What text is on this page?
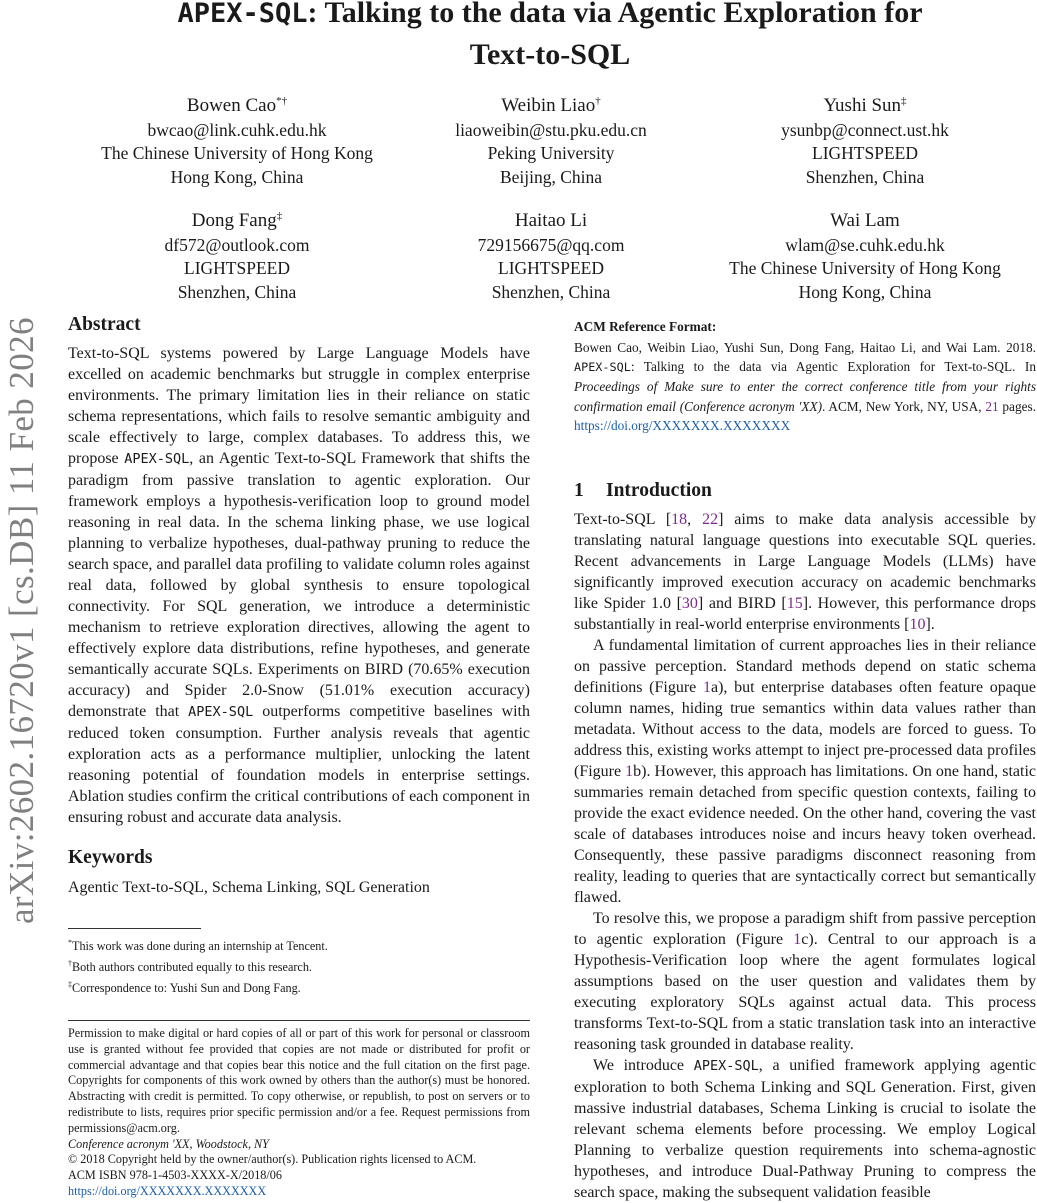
APEX-SQL: Talking to the data via Agentic Exploration for
Text-to-SQL
Bowen Cao*†
bwcao@link.cuhk.edu.hk
The Chinese University of Hong Kong
Hong Kong, China
Weibin Liao†
liaoweibin@stu.pku.edu.cn
Peking University
Beijing, China
Yushi Sun‡
ysunbp@connect.ust.hk
LIGHTSPEED
Shenzhen, China
Dong Fang‡
df572@outlook.com
LIGHTSPEED
Shenzhen, China
Haitao Li
729156675@qq.com
LIGHTSPEED
Shenzhen, China
Wai Lam
wlam@se.cuhk.edu.hk
The Chinese University of Hong Kong
Hong Kong, China
arXiv:2602.16720v1 [cs.DB] 11 Feb 2026 Abstract

Text-to-SQL systems powered by Large Language Models have excelled on academic benchmarks but struggle in complex enterprise environments. The primary limitation lies in their reliance on static schema representations, which fails to resolve semantic ambiguity and scale effectively to large, complex databases. To address this, we propose APEX-SQL, an Agentic Text-to-SQL Framework that shifts the paradigm from passive translation to agentic exploration. Our framework employs a hypothesis-verification loop to ground model reasoning in real data. In the schema linking phase, we use logical planning to verbalize hypotheses, dual-pathway pruning to reduce the search space, and parallel data profiling to validate column roles against real data, followed by global synthesis to ensure topological connectivity. For SQL generation, we introduce a deterministic mechanism to retrieve exploration directives, allowing the agent to effectively explore data distributions, refine hypotheses, and generate semantically accurate SQLs. Experiments on BIRD (70.65% execution accuracy) and Spider 2.0-Snow (51.01% execution accuracy) demonstrate that APEX-SQL outperforms competitive baselines with reduced token consumption. Further analysis reveals that agentic exploration acts as a performance multiplier, unlocking the latent reasoning potential of foundation models in enterprise settings. Ablation studies confirm the critical contributions of each component in ensuring robust and accurate data analysis.

Keywords

Agentic Text-to-SQL, Schema Linking, SQL Generation

*This work was done during an internship at Tencent.

†Both authors contributed equally to this research.

‡Correspondence to: Yushi Sun and Dong Fang.

Permission to make digital or hard copies of all or part of this work for personal or classroom use is granted without fee provided that copies are not made or distributed for profit or commercial advantage and that copies bear this notice and the full citation on the first page. Copyrights for components of this work owned by others than the author(s) must be honored. Abstracting with credit is permitted. To copy otherwise, or republish, to post on servers or to redistribute to lists, requires prior specific permission and/or a fee. Request permissions from permissions@acm.org.

Conference acronym 'XX, Woodstock, NY

© 2018 Copyright held by the owner/author(s). Publication rights licensed to ACM.

ACM ISBN 978-1-4503-XXXX-X/2018/06

https://doi.org/XXXXXXX.XXXXXXX

ACM Reference Format:

Bowen Cao, Weibin Liao, Yushi Sun, Dong Fang, Haitao Li, and Wai Lam. 2018. APEX-SQL: Talking to the data via Agentic Exploration for Text-to-SQL. In Proceedings of Make sure to enter the correct conference title from your rights confirmation email (Conference acronym 'XX). ACM, New York, NY, USA, 21 pages. https://doi.org/XXXXXXX.XXXXXXX

1 Introduction

Text-to-SQL [18, 22] aims to make data analysis accessible by translating natural language questions into executable SQL queries. Recent advancements in Large Language Models (LLMs) have significantly improved execution accuracy on academic benchmarks like Spider 1.0 [30] and BIRD [15]. However, this performance drops substantially in real-world enterprise environments [10].

A fundamental limitation of current approaches lies in their reliance on passive perception. Standard methods depend on static schema definitions (Figure 1a), but enterprise databases often feature opaque column names, hiding true semantics within data values rather than metadata. Without access to the data, models are forced to guess. To address this, existing works attempt to inject pre-processed data profiles (Figure 1b). However, this approach has limitations. On one hand, static summaries remain detached from specific question contexts, failing to provide the exact evidence needed. On the other hand, covering the vast scale of databases introduces noise and incurs heavy token overhead. Consequently, these passive paradigms disconnect reasoning from reality, leading to queries that are syntactically correct but semantically flawed.

To resolve this, we propose a paradigm shift from passive perception to agentic exploration (Figure 1c). Central to our approach is a Hypothesis-Verification loop where the agent formulates logical assumptions based on the user question and validates them by executing exploratory SQLs against actual data. This process transforms Text-to-SQL from a static translation task into an interactive reasoning task grounded in database reality.

We introduce APEX-SQL, a unified framework applying agentic exploration to both Schema Linking and SQL Generation. First, given massive industrial databases, Schema Linking is crucial to isolate the relevant schema elements before processing. We employ Logical Planning to verbalize question requirements into schema-agnostic hypotheses, and introduce Dual-Pathway Pruning to compress the search space, making the subsequent validation feasible
